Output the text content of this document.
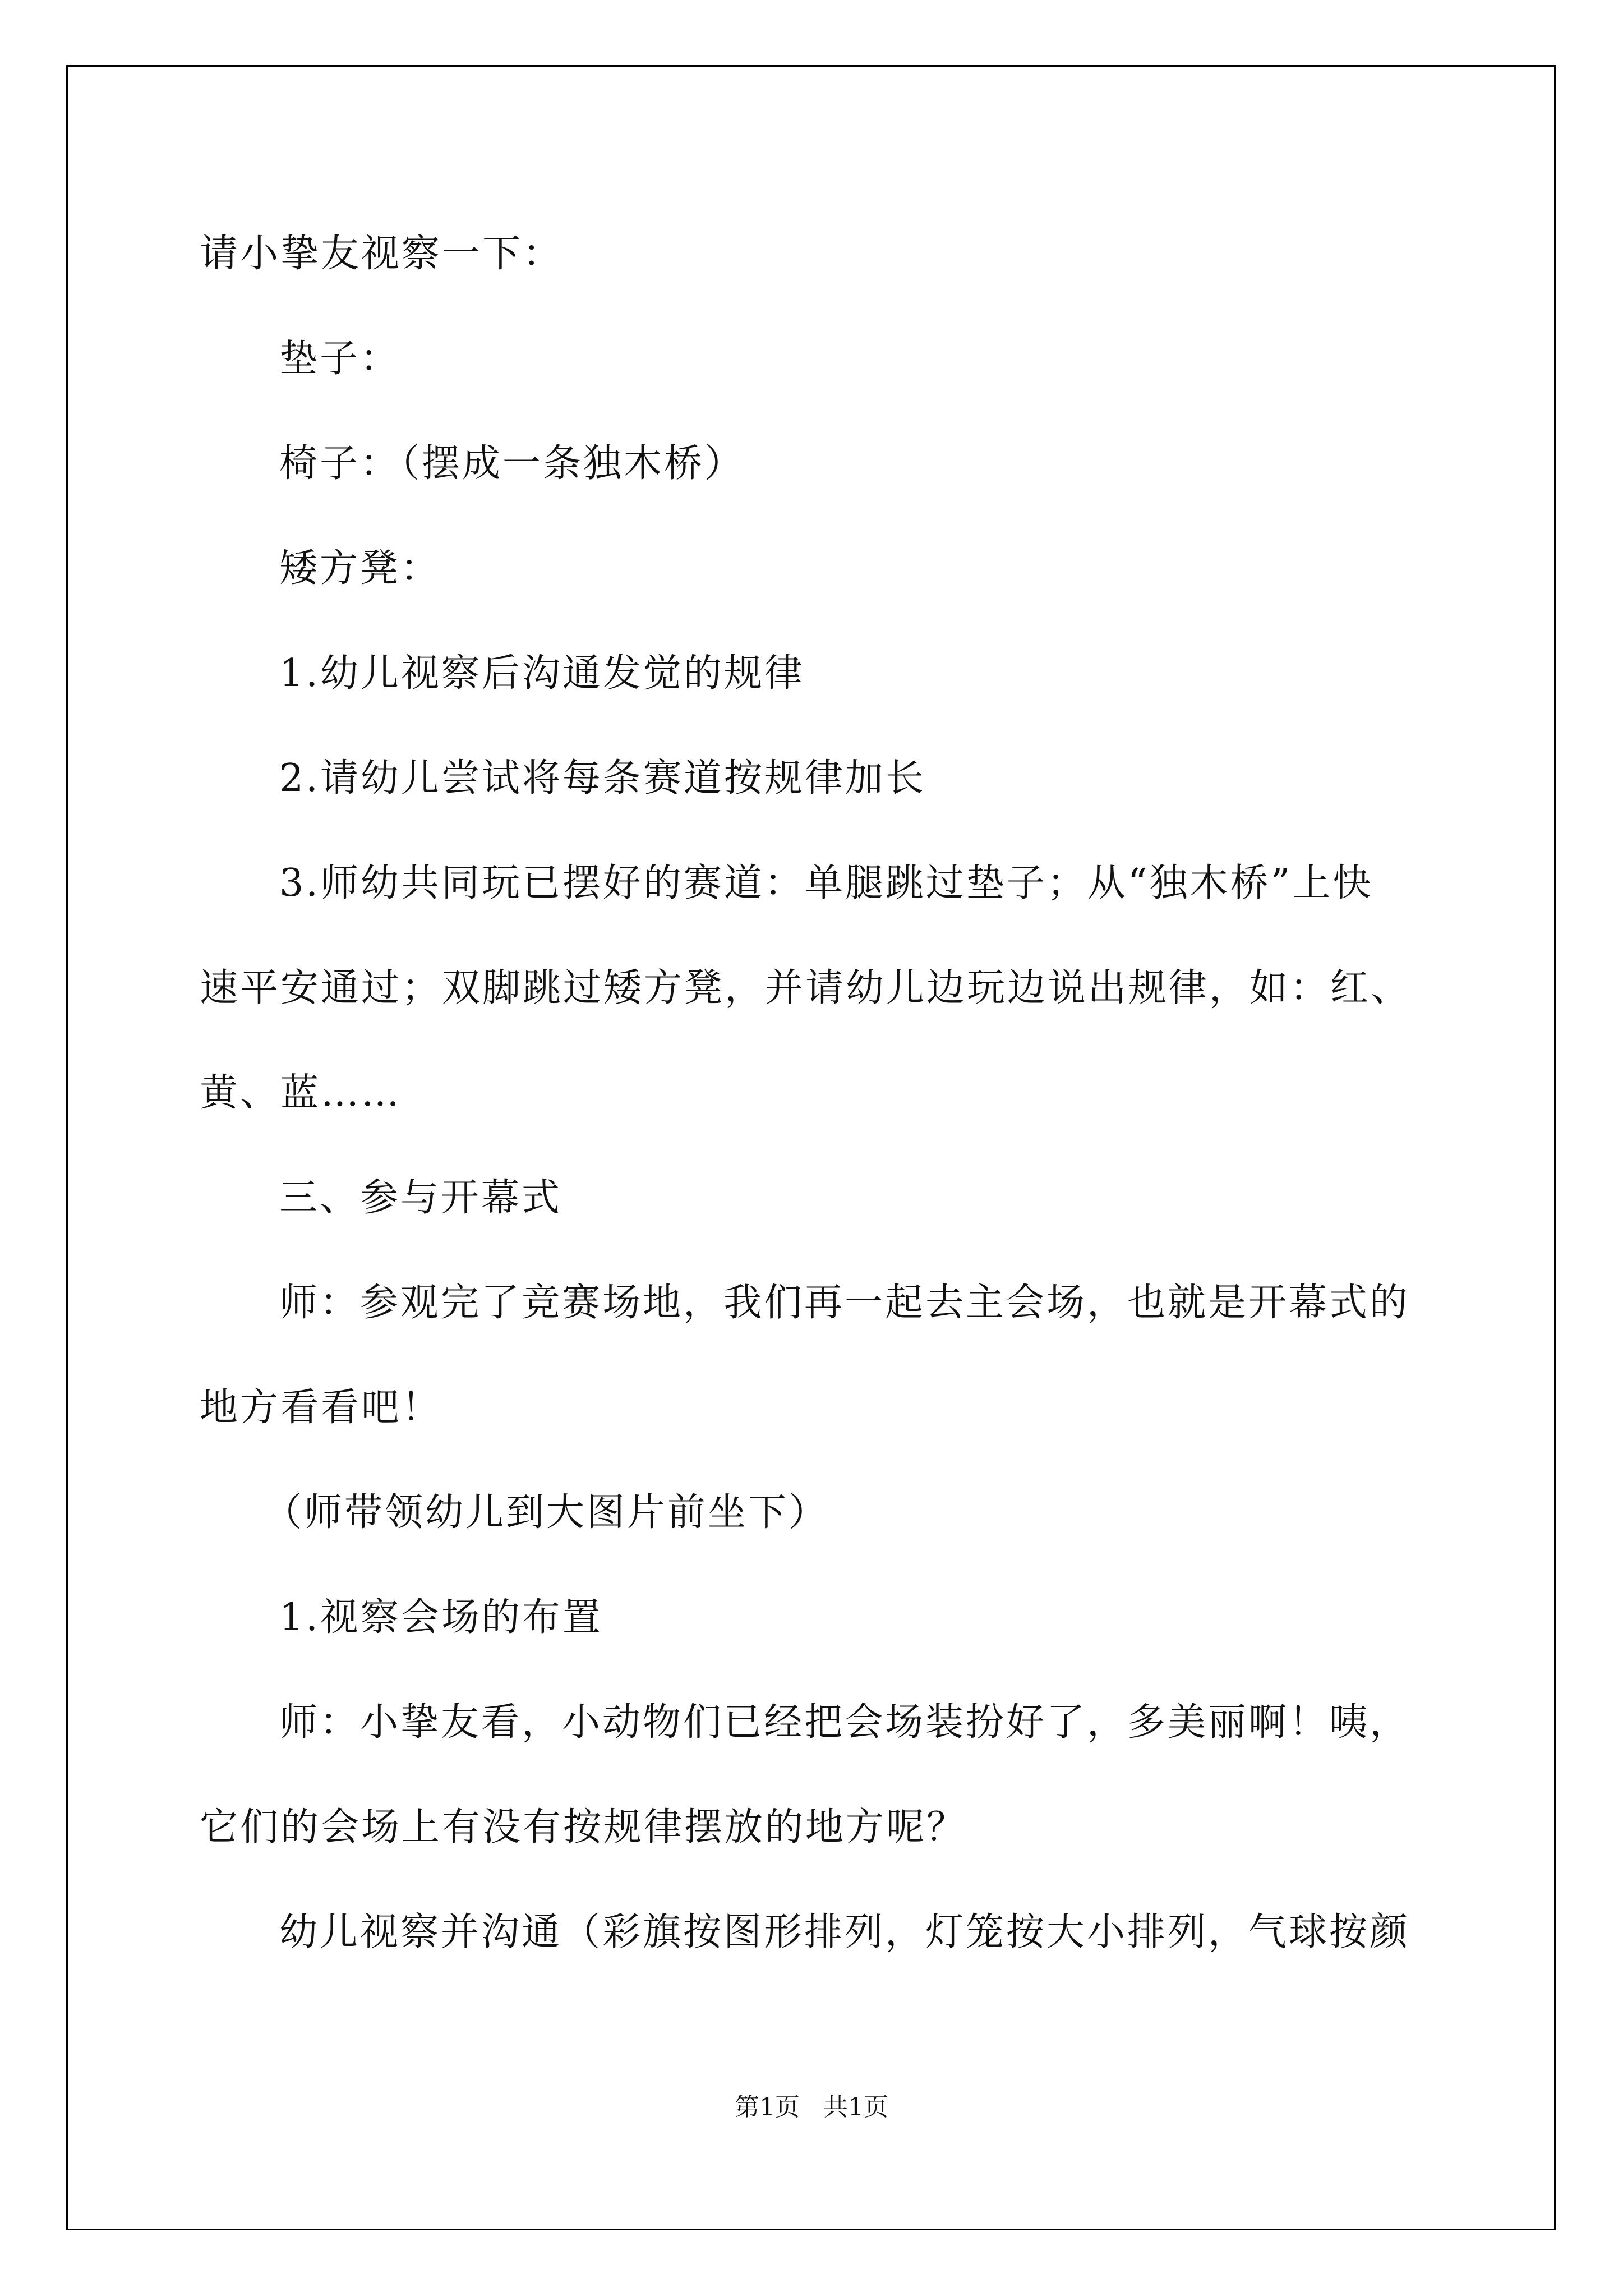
请小挚友视察一下：
垫子：
椅子：（摆成一条独木桥）
矮方凳：
1.幼儿视察后沟通发觉的规律
2.请幼儿尝试将每条赛道按规律加长
3.师幼共同玩已摆好的赛道：单腿跳过垫子；从“独木桥”上快
速平安通过；双脚跳过矮方凳，并请幼儿边玩边说出规律，如：红、
黄、蓝……
三、参与开幕式
师：参观完了竞赛场地，我们再一起去主会场，也就是开幕式的
地方看看吧！
（师带领幼儿到大图片前坐下）
1.视察会场的布置
师：小挚友看，小动物们已经把会场装扮好了，多美丽啊！咦，
它们的会场上有没有按规律摆放的地方呢？
幼儿视察并沟通（彩旗按图形排列，灯笼按大小排列，气球按颜
第1页   共1页
